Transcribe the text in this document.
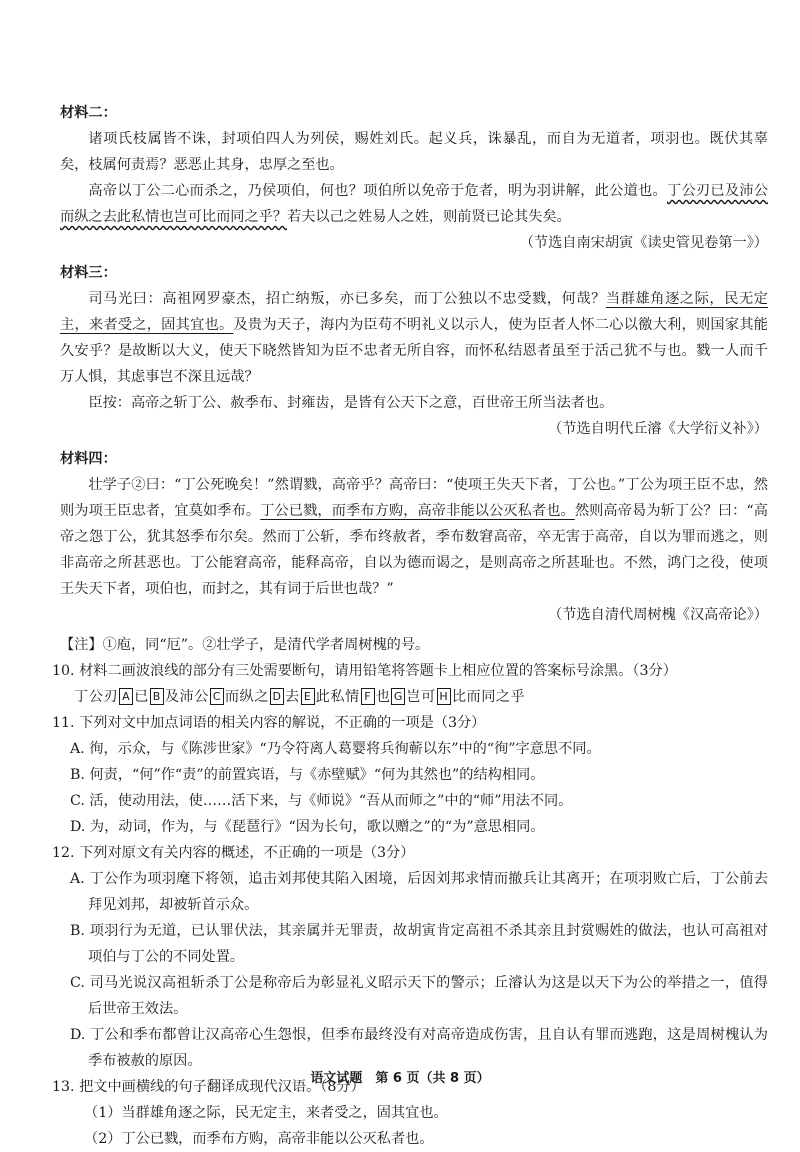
材料二：
诸项氏枝属皆不诛，封项伯四人为列侯，赐姓刘氏。起义兵，诛暴乱，而自为无道者，项羽也。既伏其辜矣，枝属何责焉？恶恶止其身，忠厚之至也。
高帝以丁公二心而杀之，乃侯项伯，何也？项伯所以免帝于危者，明为羽讲解，此公道也。丁公刃已及沛公而纵之去此私情也岂可比而同之乎？若夫以己之姓易人之姓，则前贤已论其失矣。
（节选自南宋胡寅《读史管见卷第一》）
材料三：
司马光曰：高祖网罗豪杰，招亡纳叛，亦已多矣，而丁公独以不忠受戮，何哉？当群雄角逐之际，民无定主，来者受之，固其宜也。及贵为天子，海内为臣苟不明礼义以示人，使为臣者人怀二心以徼大利，则国家其能久安乎？是故断以大义，使天下晓然皆知为臣不忠者无所自容，而怀私结恩者虽至于活己犹不与也。戮一人而千万人惧，其虑事岂不深且远哉？
臣按：高帝之斩丁公、赦季布、封雍齿，是皆有公天下之意，百世帝王所当法者也。
（节选自明代丘濬《大学衍义补》）
材料四：
壮学子②曰：“丁公死晚矣！”然谓戮，高帝乎？高帝曰：“使项王失天下者，丁公也。”丁公为项王臣不忠，然则为项王臣忠者，宜莫如季布。丁公已戮，而季布方购，高帝非能以公灭私者也。然则高帝曷为斩丁公？曰：“高帝之怨丁公，犹其怒季布尔矣。然而丁公斩，季布终赦者，季布数窘高帝，卒无害于高帝，自以为罪而逃之，则非高帝之所甚恶也。丁公能窘高帝，能释高帝，自以为德而谒之，是则高帝之所甚耻也。不然，鸿门之役，使项王失天下者，项伯也，而封之，其有词于后世也哉？”
（节选自清代周树槐《汉高帝论》）
【注】①庖，同“厄”。②壮学子，是清代学者周树槐的号。
10. 材料二画波浪线的部分有三处需要断句，请用铅笔将答题卡上相应位置的答案标号涂黑。（3分）
丁公刃 A 已 B 及沛公 C 而纵之 D 去 E 此私情 F 也 G 岂可 H 比而同之乎
11. 下列对文中加点词语的相关内容的解说，不正确的一项是（3分）
A. 徇，示众，与《陈涉世家》“乃令符离人葛婴将兵徇蕲以东”中的“徇”字意思不同。
B. 何责，“何”作“责”的前置宾语，与《赤壁赋》“何为其然也”的结构相同。
C. 活，使动用法，使……活下来，与《师说》“吾从而师之”中的“师”用法不同。
D. 为，动词，作为，与《琵琶行》“因为长句，歌以赠之”的“为”意思相同。
12. 下列对原文有关内容的概述，不正确的一项是（3分）
A. 丁公作为项羽麾下将领，追击刘邦使其陷入困境，后因刘邦求情而撤兵让其离开；在项羽败亡后，丁公前去拜见刘邦，却被斩首示众。
B. 项羽行为无道，已认罪伏法，其亲属并无罪责，故胡寅肯定高祖不杀其亲且封赏赐姓的做法，也认可高祖对项伯与丁公的不同处置。
C. 司马光说汉高祖斩杀丁公是称帝后为彰显礼义昭示天下的警示；丘濬认为这是以天下为公的举措之一，值得后世帝王效法。
D. 丁公和季布都曾让汉高帝心生怨恨，但季布最终没有对高帝造成伤害，且自认有罪而逃跑，这是周树槐认为季布被赦的原因。
13. 把文中画横线的句子翻译成现代汉语。（8分）
（1）当群雄角逐之际，民无定主，来者受之，固其宜也。
（2）丁公已戮，而季布方购，高帝非能以公灭私者也。
语文试题　第 6 页（共 8 页）
